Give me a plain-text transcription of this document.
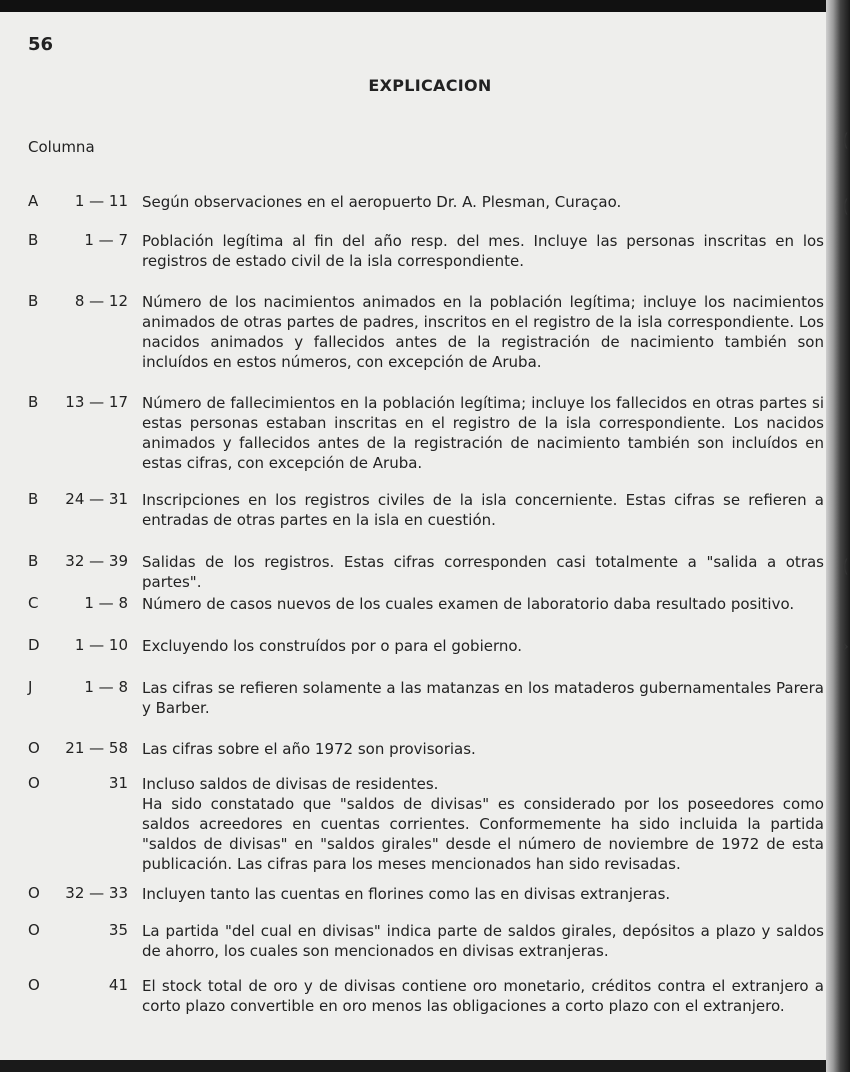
56
EXPLICACION
Columna
A	1 — 11 Según observaciones en el aeropuerto Dr. A. Plesman, Curaçao.

B	1 — 7 Población legítima al fin del año resp. del mes. Incluye las personas inscritas en los registros de estado civil de la isla correspondiente.

B	8 — 12 Número de los nacimientos animados en la población legítima; incluye los nacimientos animados de otras partes de padres, inscritos en el registro de la isla correspondiente. Los nacidos animados y fallecidos antes de la registración de nacimiento también son incluídos en estos números, con excepción de Aruba.

B	13 — 17 Número de fallecimientos en la población legítima; incluye los fallecidos en otras partes si estas personas estaban inscritas en el registro de la isla correspondiente. Los nacidos animados y fallecidos antes de la registración de nacimiento también son incluídos en estas cifras, con excepción de Aruba.

B	24 — 31 Inscripciones en los registros civiles de la isla concerniente. Estas cifras se refieren a entradas de otras partes en la isla en cuestión.

B	32 — 39 Salidas de los registros. Estas cifras corresponden casi totalmente a "salida a otras partes".

C	1 — 8 Número de casos nuevos de los cuales examen de laboratorio daba resultado positivo.

D	1 — 10 Excluyendo los construídos por o para el gobierno.

J	1 — 8 Las cifras se refieren solamente a las matanzas en los mataderos gubernamentales Parera y Barber.

O	21 — 58 Las cifras sobre el año 1972 son provisorias.

O	31 Incluso saldos de divisas de residentes.

Ha sido constatado que "saldos de divisas" es considerado por los poseedores como saldos acreedores en cuentas corrientes. Conformemente ha sido incluida la partida "saldos de divisas" en "saldos girales" desde el número de noviembre de 1972 de esta publicación. Las cifras para los meses mencionados han sido revisadas.

O	32 — 33 Incluyen tanto las cuentas en florines como las en divisas extranjeras.

O	35 La partida "del cual en divisas" indica parte de saldos girales, depósitos a plazo y saldos de ahorro, los cuales son mencionados en divisas extranjeras.

O	41 El stock total de oro y de divisas contiene oro monetario, créditos contra el extranjero a corto plazo convertible en oro menos las obligaciones a corto plazo con el extranjero.

(
(
(
›
